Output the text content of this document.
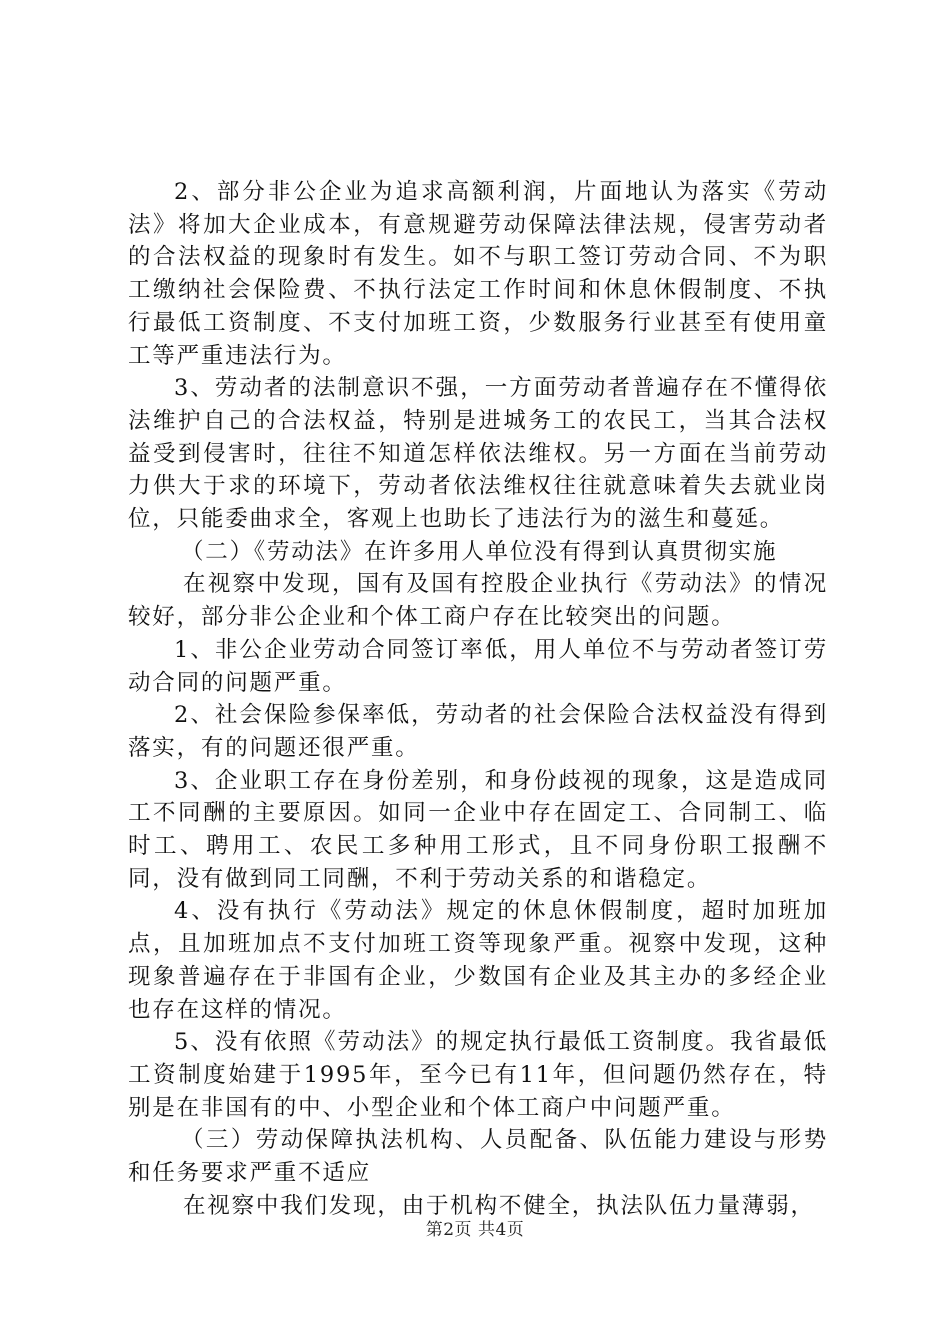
2、部分非公企业为追求高额利润，片面地认为落实《劳动法》将加大企业成本，有意规避劳动保障法律法规，侵害劳动者的合法权益的现象时有发生。如不与职工签订劳动合同、不为职工缴纳社会保险费、不执行法定工作时间和休息休假制度、不执行最低工资制度、不支付加班工资，少数服务行业甚至有使用童工等严重违法行为。

3、劳动者的法制意识不强，一方面劳动者普遍存在不懂得依法维护自己的合法权益，特别是进城务工的农民工，当其合法权益受到侵害时，往往不知道怎样依法维权。另一方面在当前劳动力供大于求的环境下，劳动者依法维权往往就意味着失去就业岗位，只能委曲求全，客观上也助长了违法行为的滋生和蔓延。

（二）《劳动法》在许多用人单位没有得到认真贯彻实施

在视察中发现，国有及国有控股企业执行《劳动法》的情况较好，部分非公企业和个体工商户存在比较突出的问题。

1、非公企业劳动合同签订率低，用人单位不与劳动者签订劳动合同的问题严重。

2、社会保险参保率低，劳动者的社会保险合法权益没有得到落实，有的问题还很严重。

3、企业职工存在身份差别，和身份歧视的现象，这是造成同工不同酬的主要原因。如同一企业中存在固定工、合同制工、临时工、聘用工、农民工多种用工形式，且不同身份职工报酬不同，没有做到同工同酬，不利于劳动关系的和谐稳定。

4、没有执行《劳动法》规定的休息休假制度，超时加班加点，且加班加点不支付加班工资等现象严重。视察中发现，这种现象普遍存在于非国有企业，少数国有企业及其主办的多经企业也存在这样的情况。

5、没有依照《劳动法》的规定执行最低工资制度。我省最低工资制度始建于1995年，至今已有11年，但问题仍然存在，特别是在非国有的中、小型企业和个体工商户中问题严重。

（三）劳动保障执法机构、人员配备、队伍能力建设与形势和任务要求严重不适应

在视察中我们发现，由于机构不健全，执法队伍力量薄弱，

第2页 共4页
